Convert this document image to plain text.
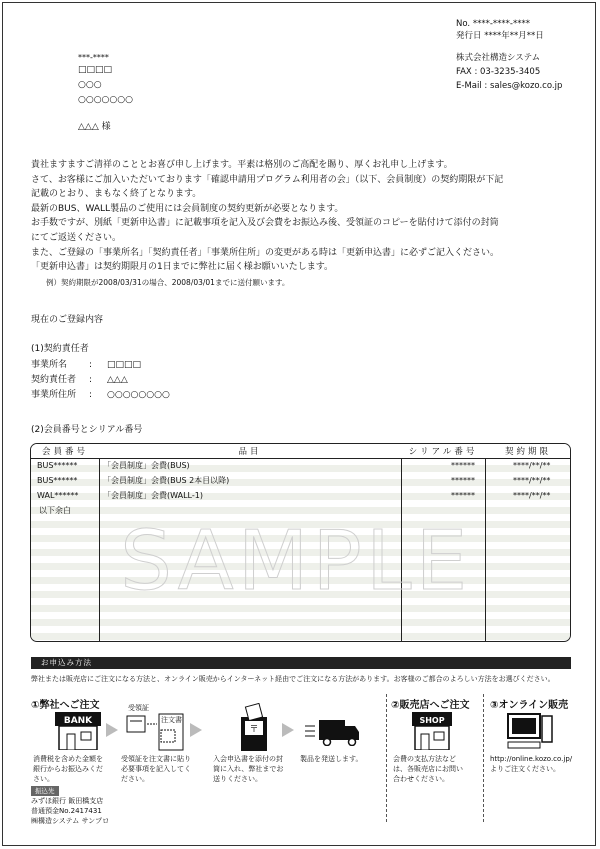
No. ****-****-****
発行日 ****年**月**日
株式会社構造システム
FAX : 03-3235-3405
E-Mail : sales@kozo.co.jp
***-****
□□□□
○○○
○○○○○○○
△△△ 様

貴社ますますご清祥のこととお喜び申し上げます。平素は格別のご高配を賜り、厚くお礼申し上げます。

さて、お客様にご加入いただいております「確認申請用プログラム利用者の会」（以下、会員制度）の契約期限が下記

記載のとおり、まもなく終了となります。

最新のBUS、WALL製品のご使用には会員制度の契約更新が必要となります。

お手数ですが、別紙「更新申込書」に記載事項を記入及び会費をお振込み後、受領証のコピーを貼付けて添付の封筒

にてご返送ください。

また、ご登録の「事業所名」「契約責任者」「事業所住所」の変更がある時は「更新申込書」に必ずご記入ください。

「更新申込書」は契約期限月の1日までに弊社に届く様お願いいたします。

例）契約期限が2008/03/31の場合、2008/03/01までに送付願います。
現在のご登録内容
(1)契約責任者
事業所名 : □□□□
契約責任者 : △△△
事業所住所 : ○○○○○○○○
(2)会員番号とシリアル番号
会員番号	品目	シリアル番号	契約期限
BUS******	「会員制度」会費(BUS)	******	****/**/**
BUS******	「会員制度」会費(BUS 2本目以降)	******	****/**/**
WAL******	「会員制度」会費(WALL-1)	******	****/**/**
以下余白
SAMPLE
お申込み方法
弊社または販売店にご注文になる方法と、オンライン販売からインターネット経由でご注文になる方法があります。お客様のご都合のよろしい方法をお選びください。
①弊社へご注文	②販売店へご注文 ③オンライン販売
BANK
受領証
注文書
〒
SHOP
消費税を含めた金額を
銀行からお振込みくだ
さい。
受領証を注文書に貼り
必要事項を記入してく
ださい。
入会申込書を添付の封
筒に入れ、弊社までお
送りください。
製品を発送します。	会費の支払方法など
は、各販売店にお問い
合わせください。
http://online.kozo.co.jp/
よりご注文ください。
振込先
みずほ銀行 飯田橋支店
普通預金No.2417431
㈱構造システム サンプロ
